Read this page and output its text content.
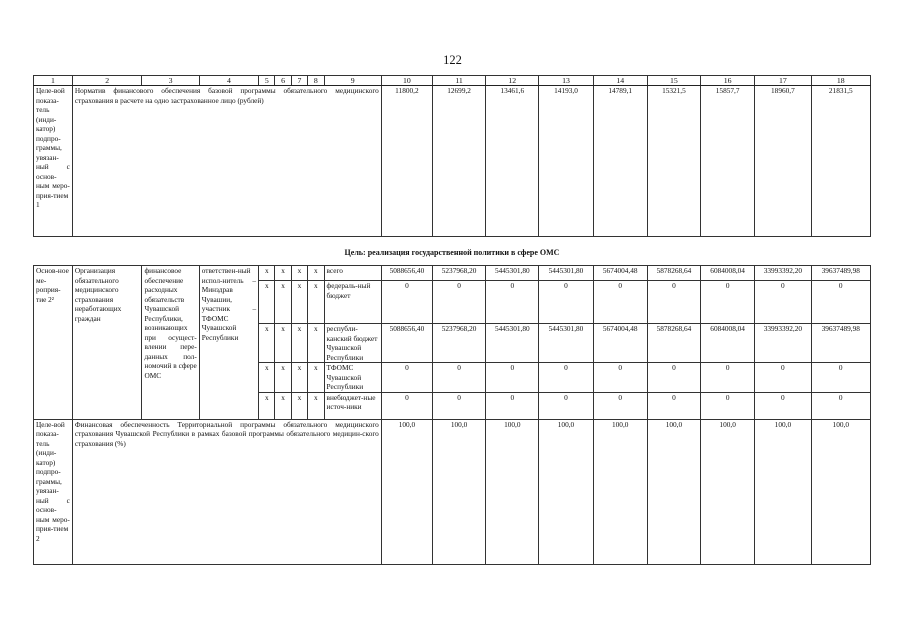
122
1	2	3	4	5	6	7	8	9	10	11	12	13	14	15	16	17	18
Целе-вой показа-тель (инди-катор) подпро-граммы, увязан-ный с основ-ным меро-прия-тием 1	Норматив финансового обеспечения базовой программы обязательного медицинского страхования в расчете на одно застрахованное лицо (рублей)								11800,2	12699,2	13461,6	14193,0	14789,1	15321,5	15857,7	18960,7	21831,5
Цель: реализация государственной политики в сфере ОМС
Основ-ное ме-роприя-тие 2²	Организация обязательного медицинского страхования неработающих граждан	финансовое обеспечение расходных обязательств Чувашской Республики, возникающих при осущест-влении пере-данных пол-номочий в сфере ОМС	ответствен-ный испол-нитель – Минздрав Чувашии, участник – ТФОМС Чувашской Республики	x	x	x	x	всего	5088656,40	5237968,20	5445301,80	5445301,80	5674004,48	5878268,64	6084008,04	33993392,20	39637489,98
				x	x	x	x	федераль-ный бюджет	0	0	0	0	0	0	0	0	0
				x	x	x	x	республи-канский бюджет Чувашской Республики	5088656,40	5237968,20	5445301,80	5445301,80	5674004,48	5878268,64	6084008,04	33993392,20	39637489,98
				x	x	x	x	ТФОМС Чувашской Республики	0	0	0	0	0	0	0	0	0
				x	x	x	x	внебюджет-ные источ-ники	0	0	0	0	0	0	0	0	0
Целе-вой показа-тель (инди-катор) подпро-граммы, увязан-ный с основ-ным меро-прия-тием 2	Финансовая обеспеченность Территориальной программы обязательного медицинского страхования Чувашской Республики в рамках базовой программы обязательного медицин-ского страхования (%)								100,0	100,0	100,0	100,0	100,0	100,0	100,0	100,0	100,0
